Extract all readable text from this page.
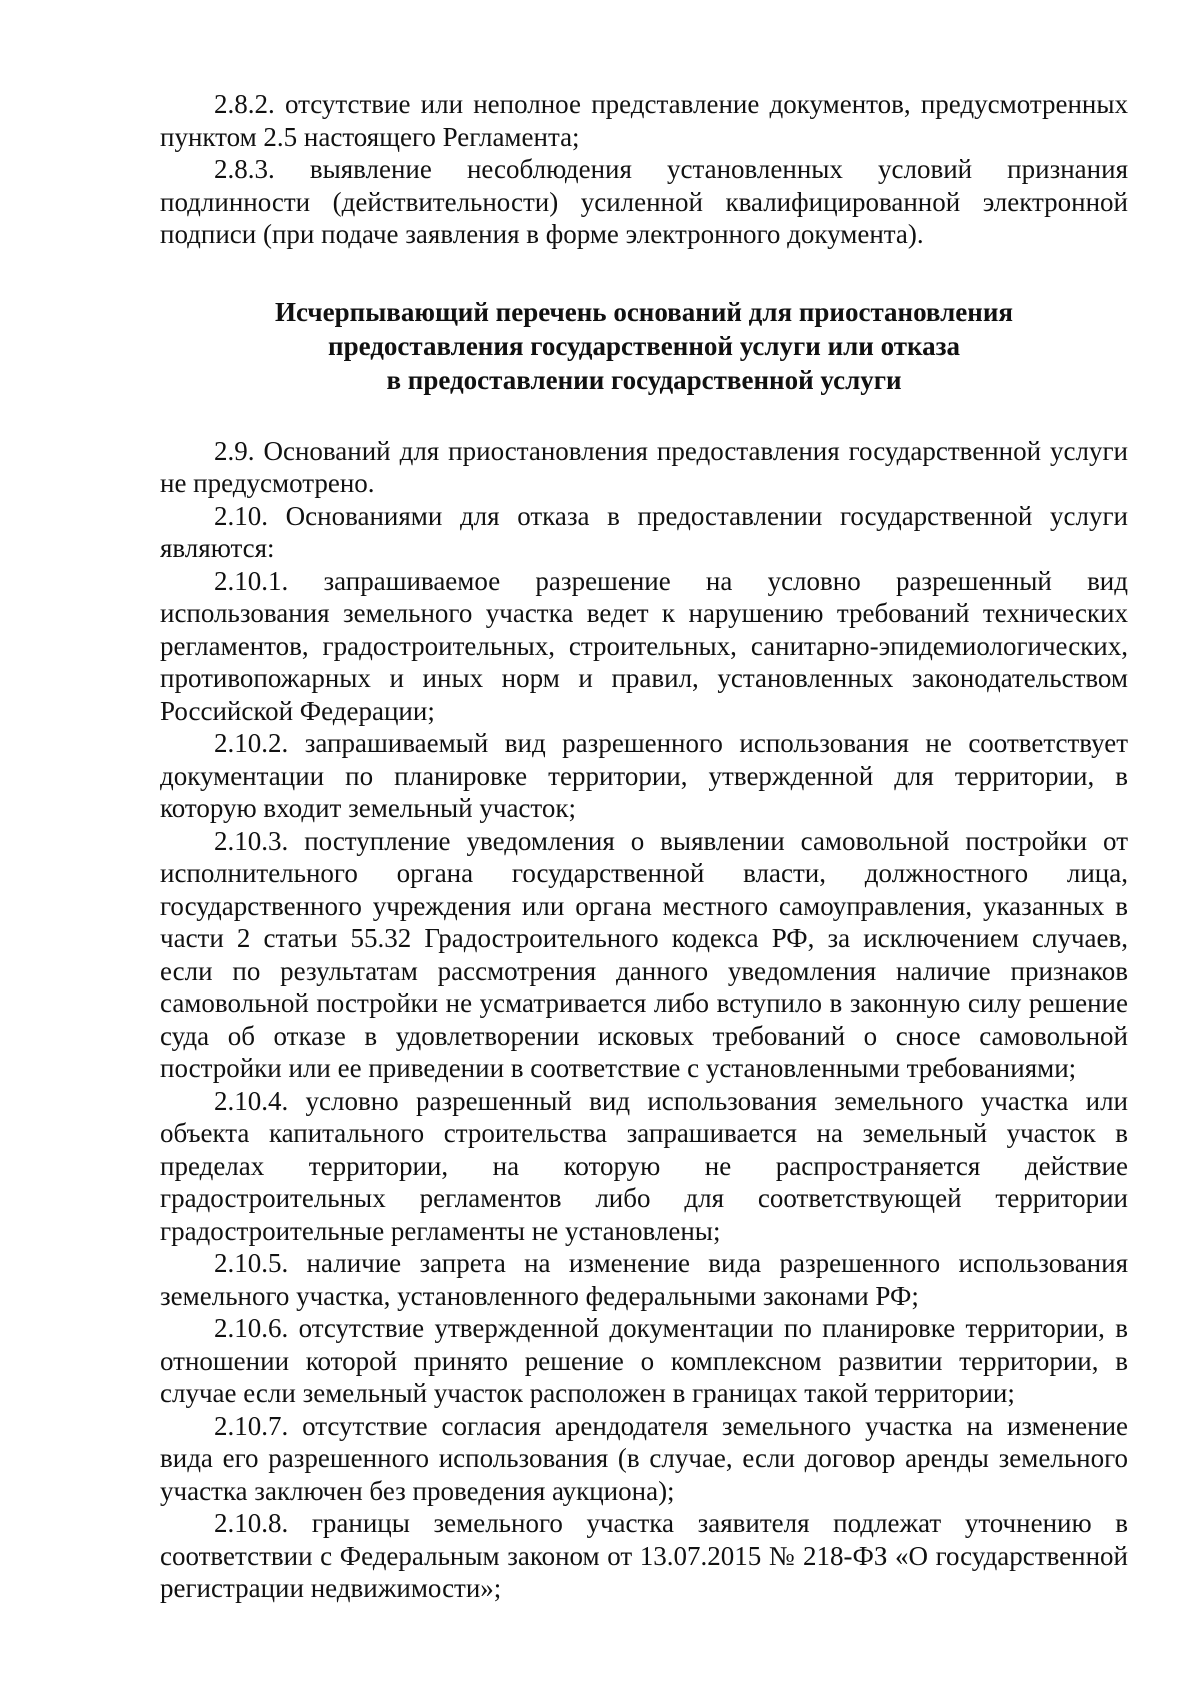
2.8.2. отсутствие или неполное представление документов, предусмотренных пунктом 2.5 настоящего Регламента;

2.8.3. выявление несоблюдения установленных условий признания подлинности (действительности) усиленной квалифицированной электронной подписи (при подаче заявления в форме электронного документа).

Исчерпывающий перечень оснований для приостановления
предоставления государственной услуги или отказа
в предоставлении государственной услуги

2.9. Оснований для приостановления предоставления государственной услуги не предусмотрено.

2.10. Основаниями для отказа в предоставлении государственной услуги являются:

2.10.1. запрашиваемое разрешение на условно разрешенный вид использования земельного участка ведет к нарушению требований технических регламентов, градостроительных, строительных, санитарно-эпидемиологических, противопожарных и иных норм и правил, установленных законодательством Российской Федерации;

2.10.2. запрашиваемый вид разрешенного использования не соответствует документации по планировке территории, утвержденной для территории, в которую входит земельный участок;

2.10.3. поступление уведомления о выявлении самовольной постройки от исполнительного органа государственной власти, должностного лица, государственного учреждения или органа местного самоуправления, указанных в части 2 статьи 55.32 Градостроительного кодекса РФ, за исключением случаев, если по результатам рассмотрения данного уведомления наличие признаков самовольной постройки не усматривается либо вступило в законную силу решение суда об отказе в удовлетворении исковых требований о сносе самовольной постройки или ее приведении в соответствие с установленными требованиями;

2.10.4. условно разрешенный вид использования земельного участка или объекта капитального строительства запрашивается на земельный участок в пределах территории, на которую не распространяется действие градостроительных регламентов либо для соответствующей территории градостроительные регламенты не установлены;

2.10.5. наличие запрета на изменение вида разрешенного использования земельного участка, установленного федеральными законами РФ;

2.10.6. отсутствие утвержденной документации по планировке территории, в отношении которой принято решение о комплексном развитии территории, в случае если земельный участок расположен в границах такой территории;

2.10.7. отсутствие согласия арендодателя земельного участка на изменение вида его разрешенного использования (в случае, если договор аренды земельного участка заключен без проведения аукциона);

2.10.8. границы земельного участка заявителя подлежат уточнению в соответствии с Федеральным законом от 13.07.2015 № 218-ФЗ «О государственной регистрации недвижимости»;
